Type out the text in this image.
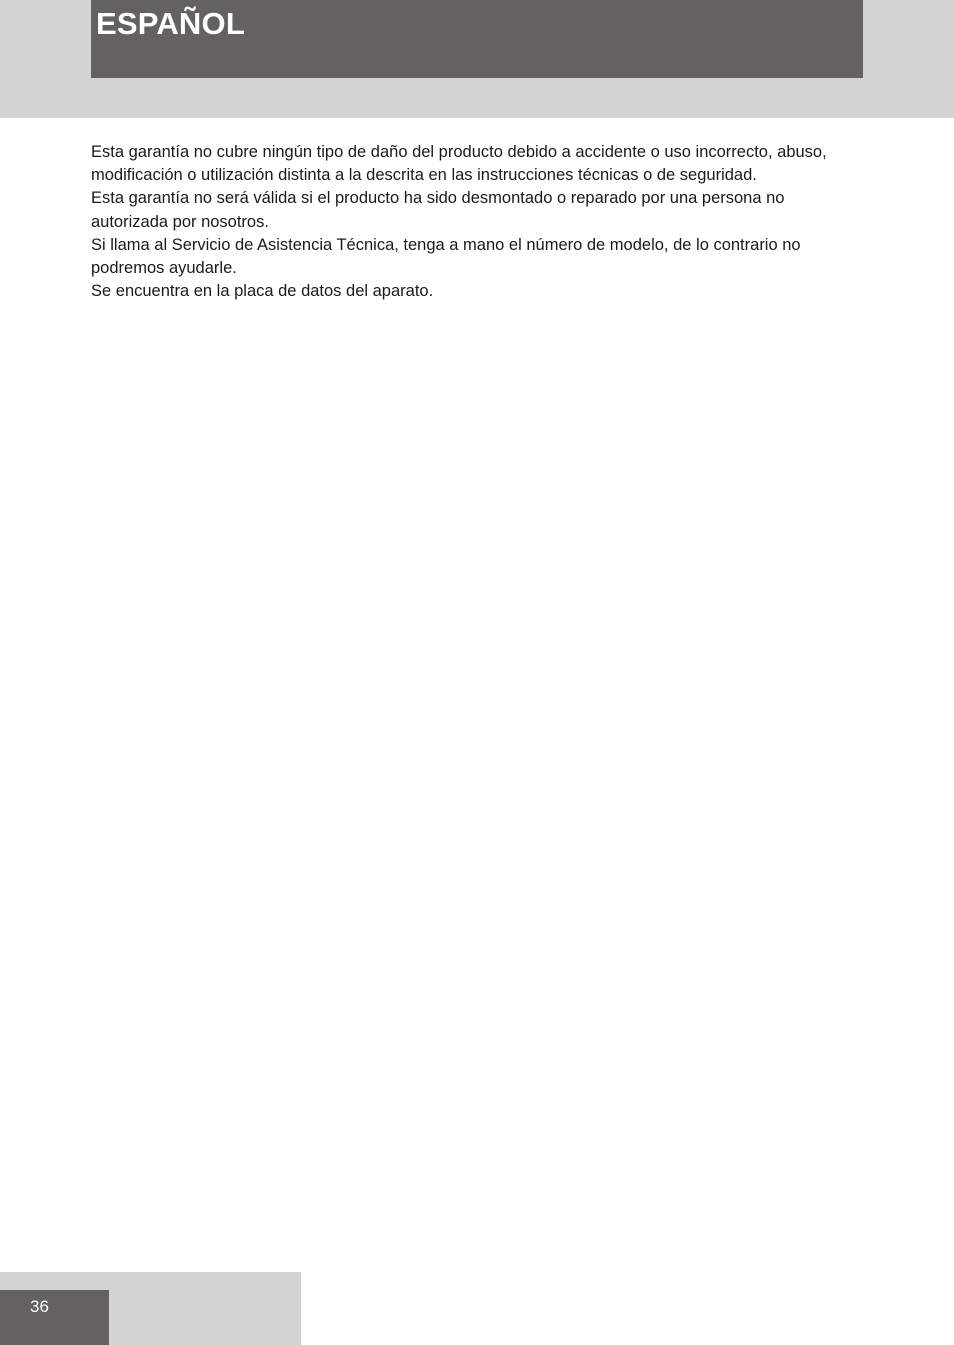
ESPAÑOL

Esta garantía no cubre ningún tipo de daño del producto debido a accidente o uso incorrecto, abuso, modificación o utilización distinta a la descrita en las instrucciones técnicas o de seguridad.

Esta garantía no será válida si el producto ha sido desmontado o reparado por una persona no autorizada por nosotros.

Si llama al Servicio de Asistencia Técnica, tenga a mano el número de modelo, de lo contrario no podremos ayudarle.

Se encuentra en la placa de datos del aparato.

36
